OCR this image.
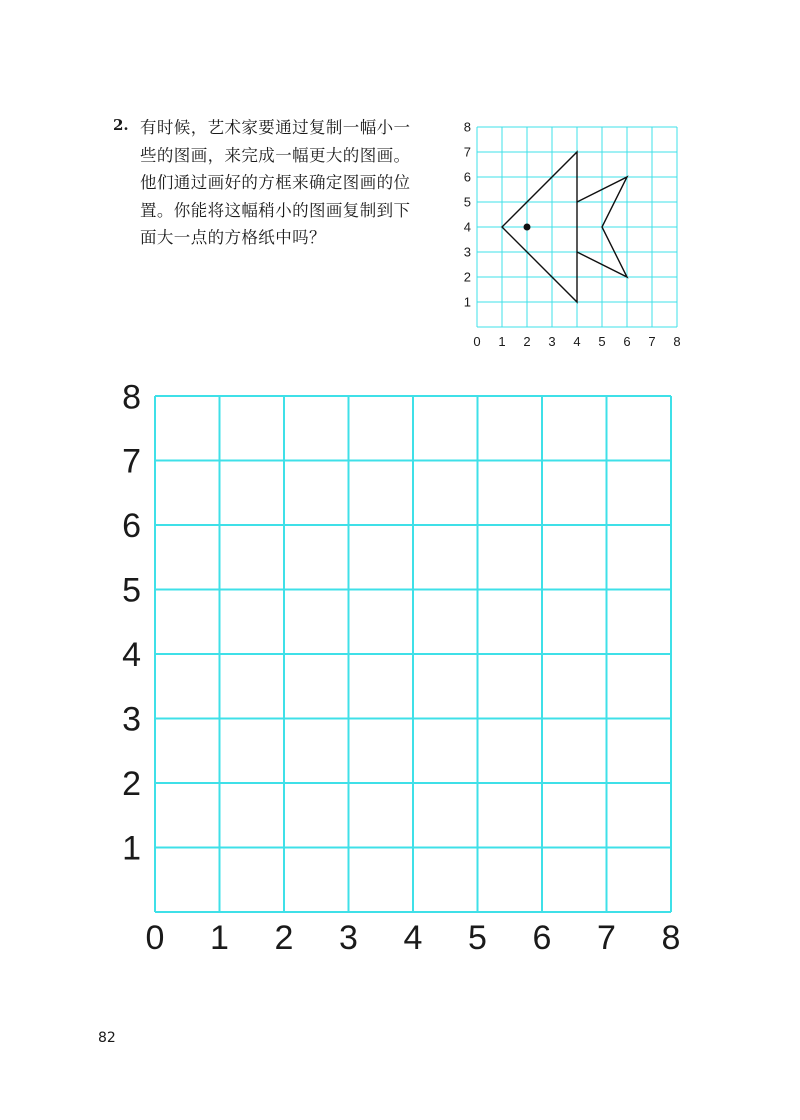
2. 有时候，艺术家要通过复制一幅小一
些的图画，来完成一幅更大的图画。
他们通过画好的方框来确定图画的位
置。你能将这幅稍小的图画复制到下
面大一点的方格纸中吗？
0 1 2 3 4 5 6 7 8
1
2
3
4
5
6
7
8
0 1 2 3 4 5 6 7 8
1
2
3
4
5
6
7
8
82
